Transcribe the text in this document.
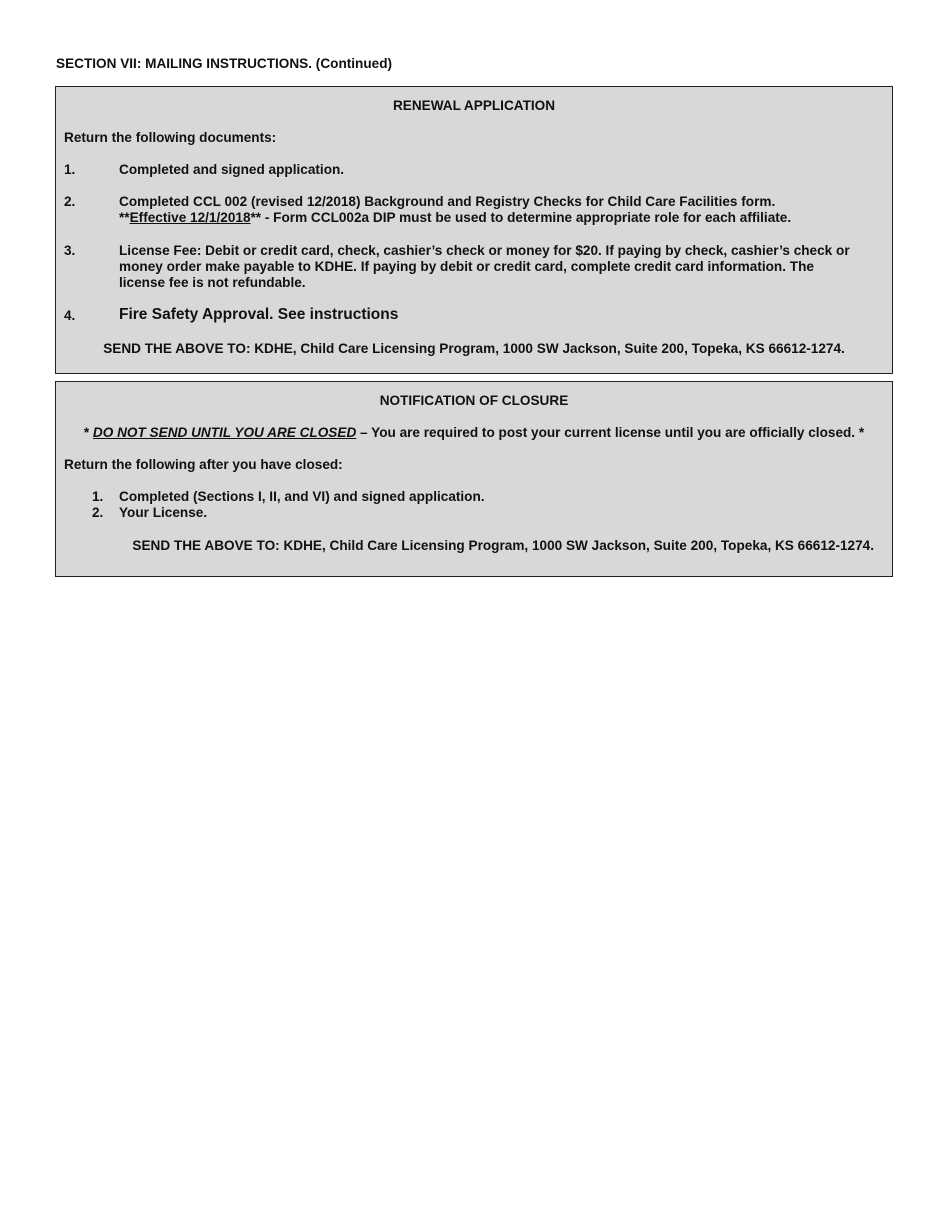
SECTION VII: MAILING INSTRUCTIONS. (Continued)
RENEWAL APPLICATION
Return the following documents:
1.	Completed and signed application.
2.	Completed CCL 002 (revised 12/2018) Background and Registry Checks for Child Care Facilities form.
**Effective 12/1/2018** - Form CCL002a DIP must be used to determine appropriate role for each affiliate.
3.	License Fee: Debit or credit card, check, cashier’s check or money for $20. If paying by check, cashier’s check or
money order make payable to KDHE. If paying by debit or credit card, complete credit card information. The
license fee is not refundable.
4.	Fire Safety Approval. See instructions
SEND THE ABOVE TO: KDHE, Child Care Licensing Program, 1000 SW Jackson, Suite 200, Topeka, KS 66612-1274.
NOTIFICATION OF CLOSURE
* DO NOT SEND UNTIL YOU ARE CLOSED – You are required to post your current license until you are officially closed. *
Return the following after you have closed:
1. Completed (Sections I, II, and VI) and signed application.
2. Your License.
SEND THE ABOVE TO: KDHE, Child Care Licensing Program, 1000 SW Jackson, Suite 200, Topeka, KS 66612-1274.
